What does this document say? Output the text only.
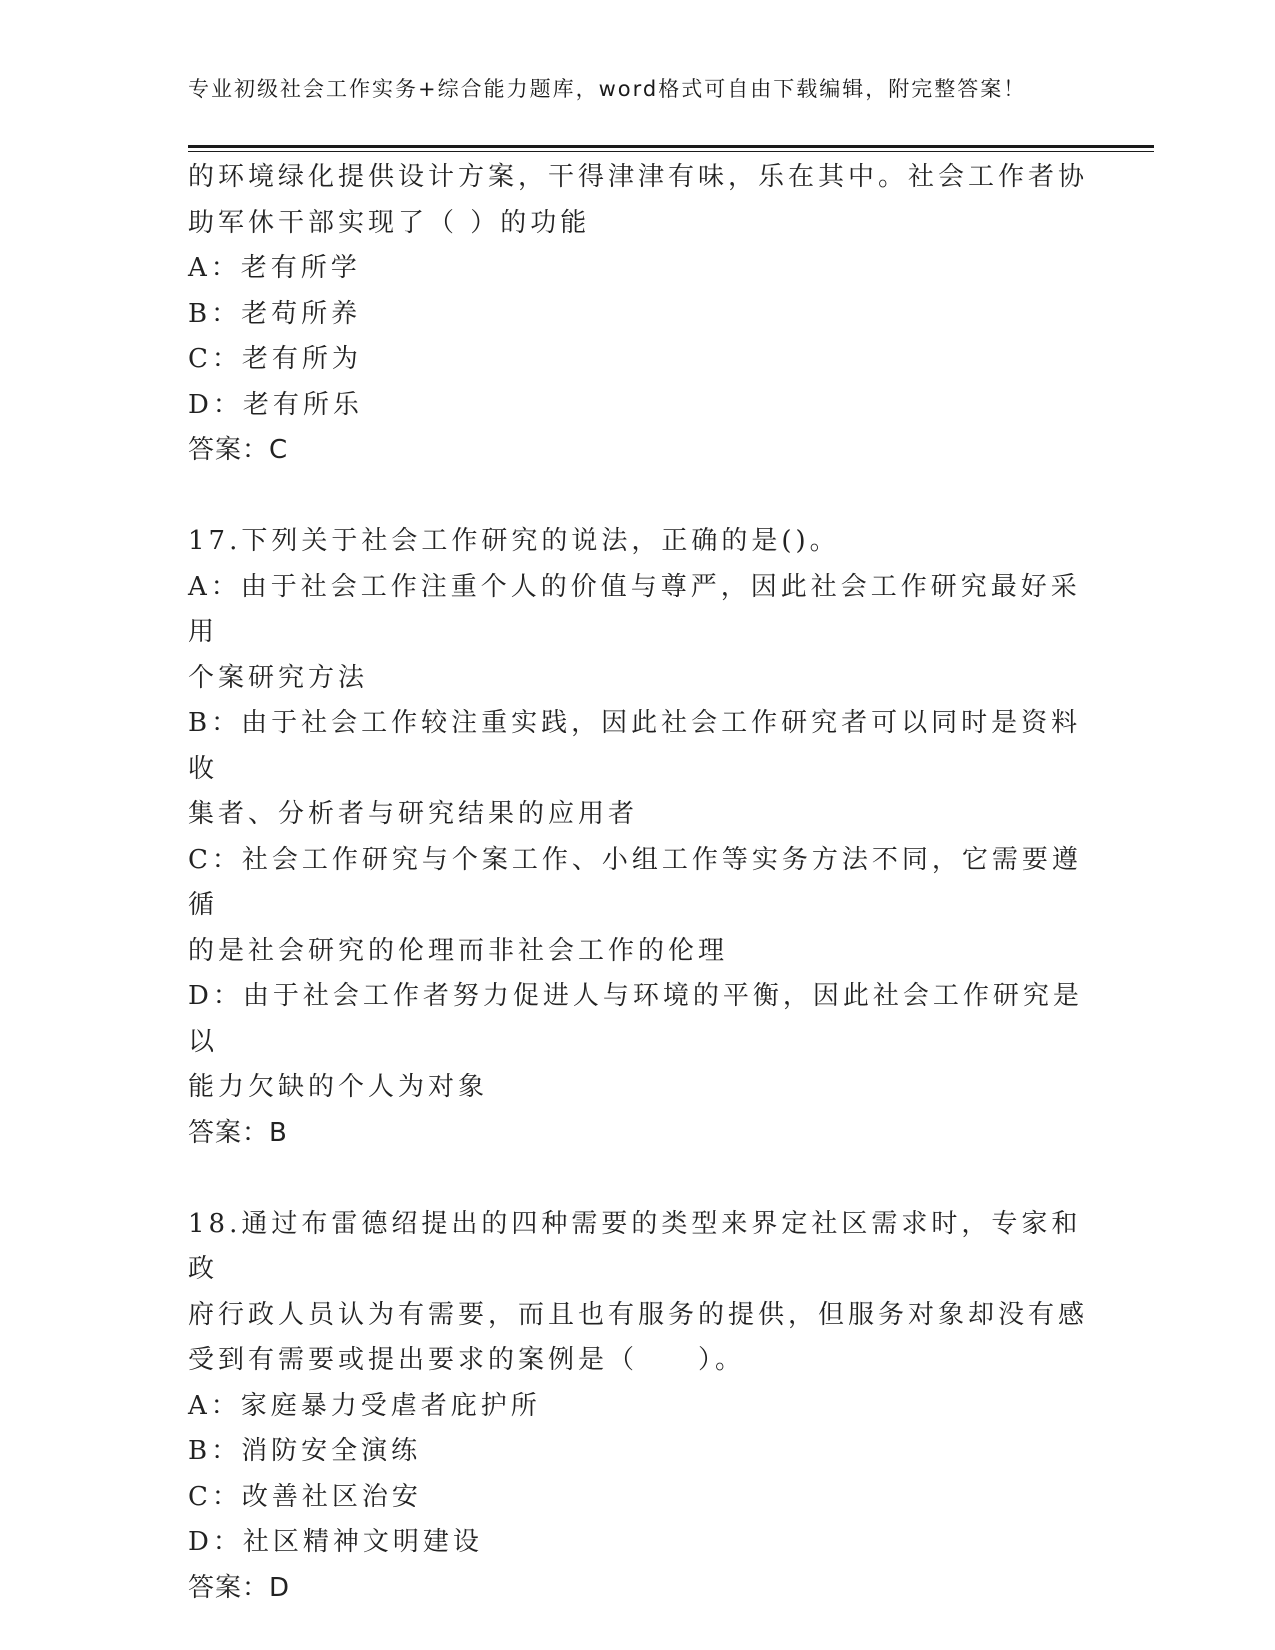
专业初级社会工作实务+综合能力题库，word格式可自由下载编辑，附完整答案！

的环境绿化提供设计方案，干得津津有味，乐在其中。社会工作者协

助军休干部实现了（ ）的功能

A：老有所学

B：老苟所养

C：老有所为

D：老有所乐

答案：C

17.下列关于社会工作研究的说法，正确的是()。

A：由于社会工作注重个人的价值与尊严，因此社会工作研究最好采用

个案研究方法

B：由于社会工作较注重实践，因此社会工作研究者可以同时是资料收

集者、分析者与研究结果的应用者

C：社会工作研究与个案工作、小组工作等实务方法不同，它需要遵循

的是社会研究的伦理而非社会工作的伦理

D：由于社会工作者努力促进人与环境的平衡，因此社会工作研究是以

能力欠缺的个人为对象

答案：B

18.通过布雷德绍提出的四种需要的类型来界定社区需求时，专家和政

府行政人员认为有需要，而且也有服务的提供，但服务对象却没有感

受到有需要或提出要求的案例是（　　）。

A：家庭暴力受虐者庇护所

B：消防安全演练

C：改善社区治安

D：社区精神文明建设

答案：D
